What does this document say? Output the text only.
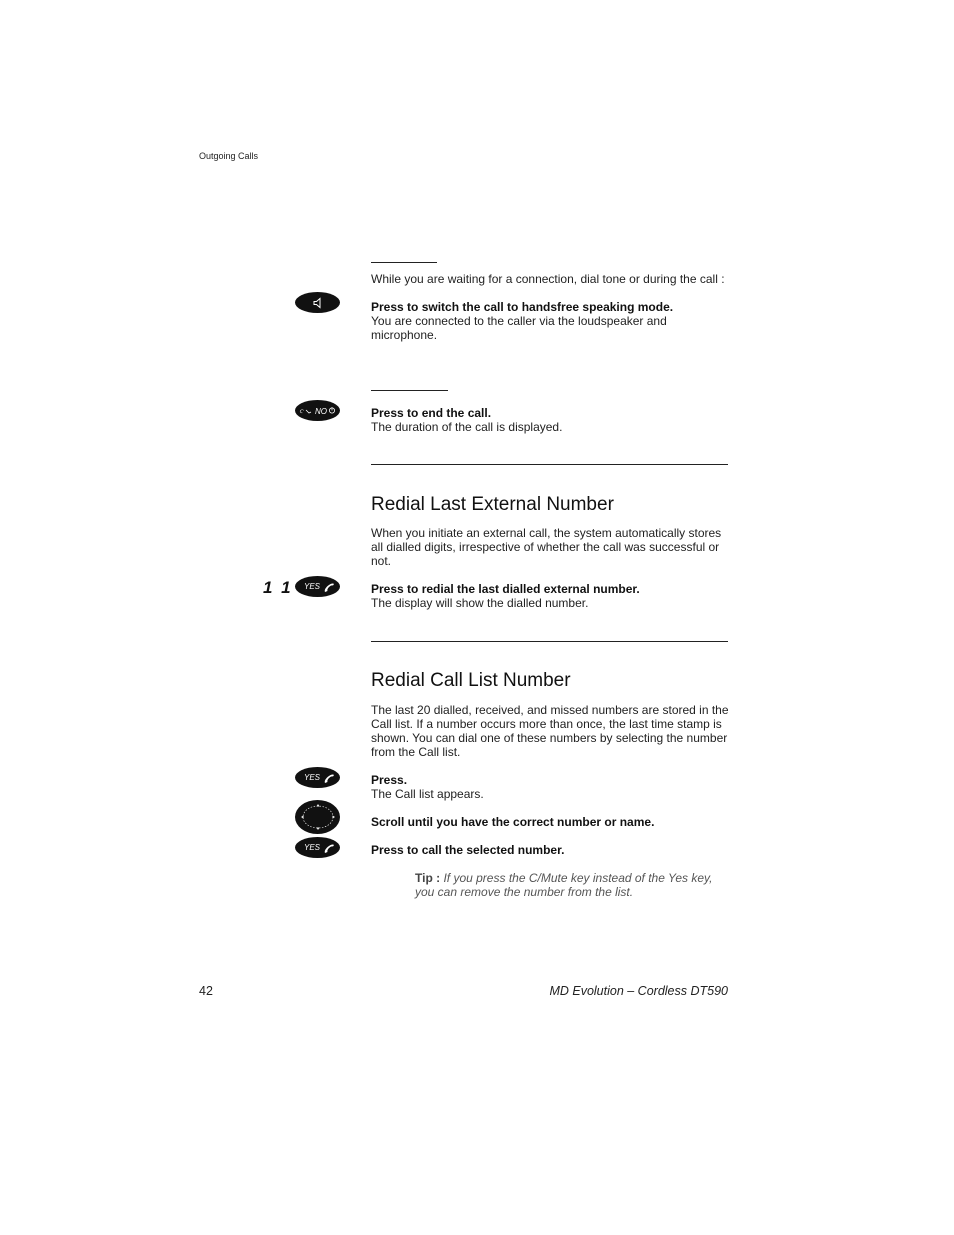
Outgoing Calls
While you are waiting for a connection, dial tone or during the call :
Press to switch the call to handsfree speaking mode.
You are connected to the caller via the loudspeaker and microphone.
C NO	Press to end the call.
The duration of the call is displayed.
Redial Last External Number
When you initiate an external call, the system automatically stores all dialled digits, irrespective of whether the call was successful or not.
1 1 YES	Press to redial the last dialled external number.
The display will show the dialled number.
Redial Call List Number
The last 20 dialled, received, and missed numbers are stored in the Call list. If a number occurs more than once, the last time stamp is shown. You can dial one of these numbers by selecting the number from the Call list.
YES	Press.
The Call list appears.
Scroll until you have the correct number or name.
YES	Press to call the selected number.
Tip : If you press the C/Mute key instead of the Yes key, you can remove the number from the list.
42	MD Evolution – Cordless DT590
